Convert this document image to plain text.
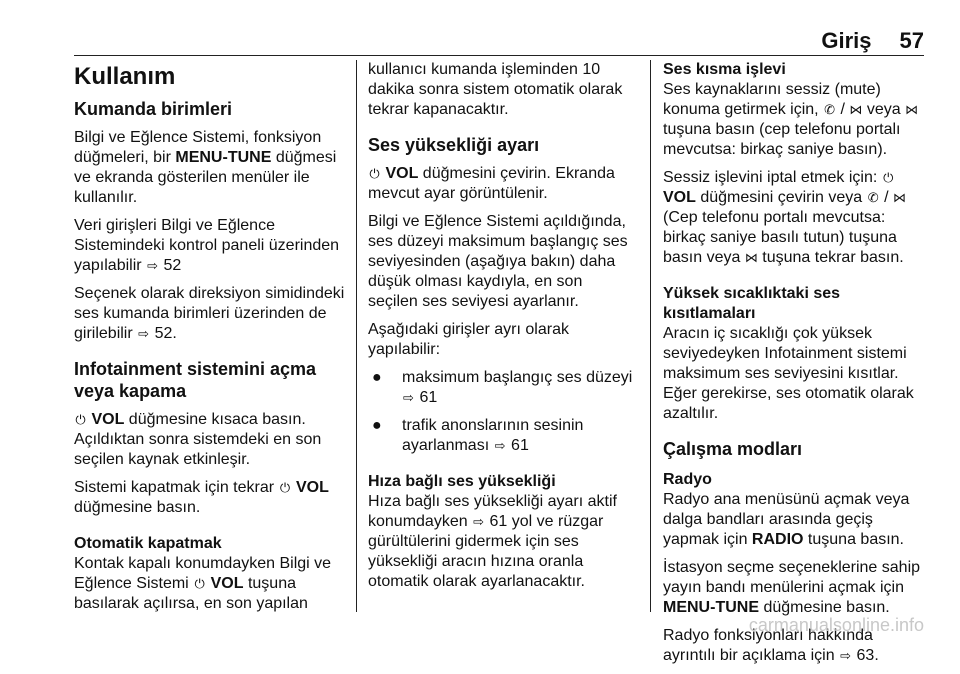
Giriş 57
Kullanım
Kumanda birimleri

Bilgi ve Eğlence Sistemi, fonksiyon düğmeleri, bir MENU-TUNE düğmesi ve ekranda gösterilen menüler ile kullanılır.

Veri girişleri Bilgi ve Eğlence Sistemindeki kontrol paneli üzerinden yapılabilir ⇨ 52

Seçenek olarak direksiyon simidindeki ses kumanda birimleri üzerinden de girilebilir ⇨ 52.

Infotainment sistemini açma veya kapama

⏻ VOL düğmesine kısaca basın. Açıldıktan sonra sistemdeki en son seçilen kaynak etkinleşir.

Sistemi kapatmak için tekrar ⏻ VOL düğmesine basın.

Otomatik kapatmak

Kontak kapalı konumdayken Bilgi ve Eğlence Sistemi ⏻ VOL tuşuna basılarak açılırsa, en son yapılan

kullanıcı kumanda işleminden 10 dakika sonra sistem otomatik olarak tekrar kapanacaktır.

Ses yüksekliği ayarı

⏻ VOL düğmesini çevirin. Ekranda mevcut ayar görüntülenir.

Bilgi ve Eğlence Sistemi açıldığında, ses düzeyi maksimum başlangıç ses seviyesinden (aşağıya bakın) daha düşük olması kaydıyla, en son seçilen ses seviyesi ayarlanır.

Aşağıdaki girişler ayrı olarak yapılabilir:

●	maksimum başlangıç ses düzeyi ⇨ 61
●	trafik anonslarının sesinin ayarlanması ⇨ 61
Hıza bağlı ses yüksekliği

Hıza bağlı ses yüksekliği ayarı aktif konumdayken ⇨ 61 yol ve rüzgar gürültülerini gidermek için ses yüksekliği aracın hızına oranla otomatik olarak ayarlanacaktır.

Ses kısma işlevi

Ses kaynaklarını sessiz (mute) konuma getirmek için, ✆ / ⋈ veya ⋈ tuşuna basın (cep telefonu portalı mevcutsa: birkaç saniye basın).

Sessiz işlevini iptal etmek için: ⏻ VOL düğmesini çevirin veya ✆ / ⋈ (Cep telefonu portalı mevcutsa: birkaç saniye basılı tutun) tuşuna basın veya ⋈ tuşuna tekrar basın.

Yüksek sıcaklıktaki ses kısıtlamaları

Aracın iç sıcaklığı çok yüksek seviyedeyken Infotainment sistemi maksimum ses seviyesini kısıtlar. Eğer gerekirse, ses otomatik olarak azaltılır.

Çalışma modları
Radyo

Radyo ana menüsünü açmak veya dalga bandları arasında geçiş yapmak için RADIO tuşuna basın.

İstasyon seçme seçeneklerine sahip yayın bandı menülerini açmak için MENU-TUNE düğmesine basın.

Radyo fonksiyonları hakkında ayrıntılı bir açıklama için ⇨ 63.

carmanualsonline.info
